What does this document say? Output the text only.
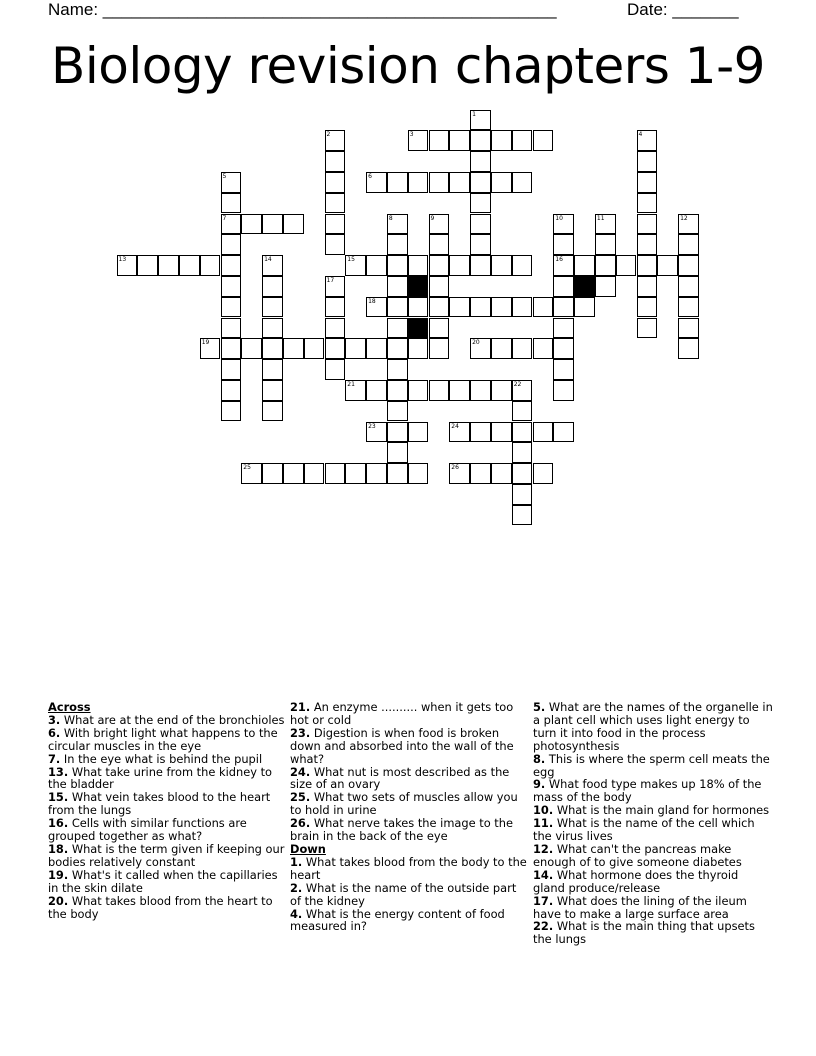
Name: ________________________________________________	Date: _______
Biology revision chapters 1-9
1
2	3	4
5
7
6
8	9	10
16
11	12
13	14	15
17
18
19	20
21	22
23	24
25	26
Across
3. What are at the end of the bronchioles
6. With bright light what happens to the circular muscles in the eye
7. In the eye what is behind the pupil
13. What take urine from the kidney to the bladder
15. What vein takes blood to the heart from the lungs
16. Cells with similar functions are grouped together as what?
18. What is the term given if keeping our bodies relatively constant
19. What's it called when the capillaries in the skin dilate
20. What takes blood from the heart to the body
21. An enzyme .......... when it gets too hot or cold
23. Digestion is when food is broken down and absorbed into the wall of the what?
24. What nut is most described as the size of an ovary
25. What two sets of muscles allow you to hold in urine
26. What nerve takes the image to the brain in the back of the eye
Down
1. What takes blood from the body to the heart
2. What is the name of the outside part of the kidney
4. What is the energy content of food measured in?
5. What are the names of the organelle in a plant cell which uses light energy to turn it into food in the process photosynthesis
8. This is where the sperm cell meats the egg
9. What food type makes up 18% of the mass of the body
10. What is the main gland for hormones
11. What is the name of the cell which the virus lives
12. What can't the pancreas make enough of to give someone diabetes
14. What hormone does the thyroid gland produce/release
17. What does the lining of the ileum have to make a large surface area
22. What is the main thing that upsets the lungs
